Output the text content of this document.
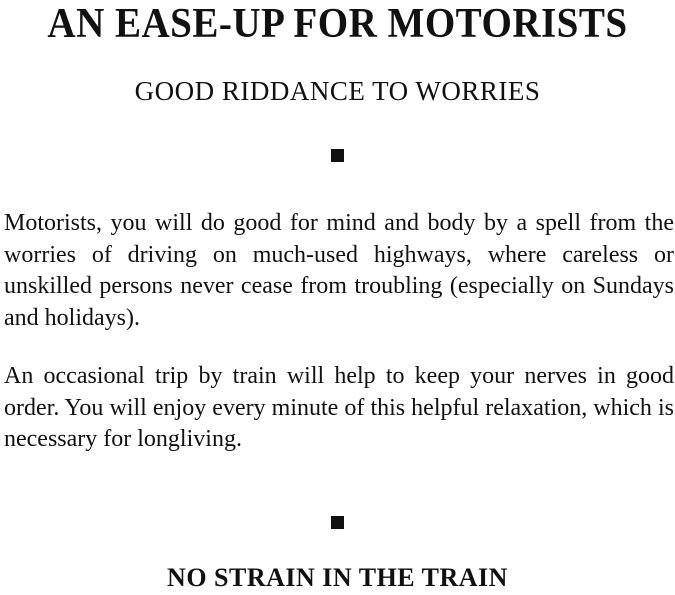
AN EASE-UP FOR MOTORISTS
GOOD RIDDANCE TO WORRIES

Motorists, you will do good for mind and body by a spell from the worries of driving on much-used highways, where careless or unskilled persons never cease from troubling (especially on Sundays and holidays).

An occasional trip by train will help to keep your nerves in good order. You will enjoy every minute of this helpful relaxation, which is necessary for longliving.

NO STRAIN IN THE TRAIN
